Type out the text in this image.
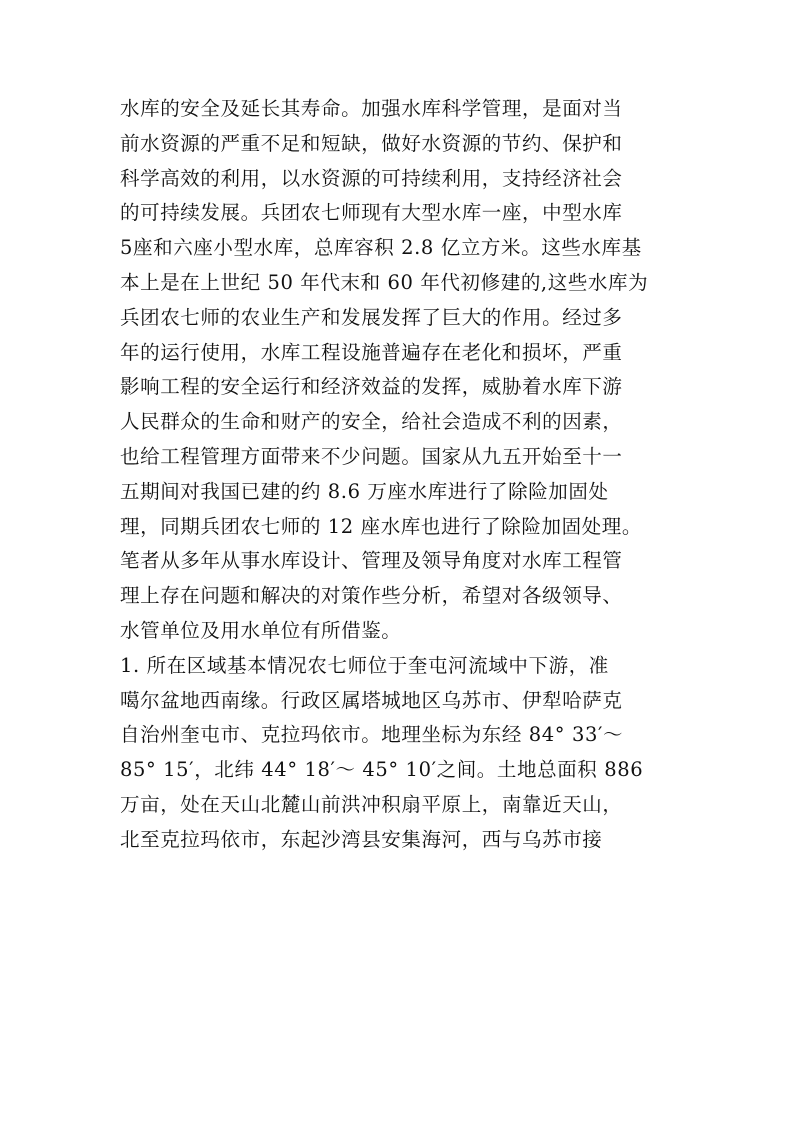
水库的安全及延长其寿命。加强水库科学管理，是面对当
前水资源的严重不足和短缺，做好水资源的节约、保护和
科学高效的利用，以水资源的可持续利用，支持经济社会
的可持续发展。兵团农七师现有大型水库一座，中型水库
5座和六座小型水库，总库容积 2.8 亿立方米。这些水库基
本上是在上世纪 50 年代末和 60 年代初修建的,这些水库为
兵团农七师的农业生产和发展发挥了巨大的作用。经过多
年的运行使用，水库工程设施普遍存在老化和损坏，严重
影响工程的安全运行和经济效益的发挥，威胁着水库下游
人民群众的生命和财产的安全，给社会造成不利的因素，
也给工程管理方面带来不少问题。国家从九五开始至十一
五期间对我国已建的约 8.6 万座水库进行了除险加固处
理，同期兵团农七师的 12 座水库也进行了除险加固处理。
笔者从多年从事水库设计、管理及领导角度对水库工程管
理上存在问题和解决的对策作些分析，希望对各级领导、
水管单位及用水单位有所借鉴。
1. 所在区域基本情况农七师位于奎屯河流域中下游，准
噶尔盆地西南缘。行政区属塔城地区乌苏市、伊犁哈萨克
自治州奎屯市、克拉玛依市。地理坐标为东经 84° 33′～
85° 15′，北纬 44° 18′～ 45° 10′之间。土地总面积 886
万亩，处在天山北麓山前洪冲积扇平原上，南靠近天山，
北至克拉玛依市，东起沙湾县安集海河，西与乌苏市接
